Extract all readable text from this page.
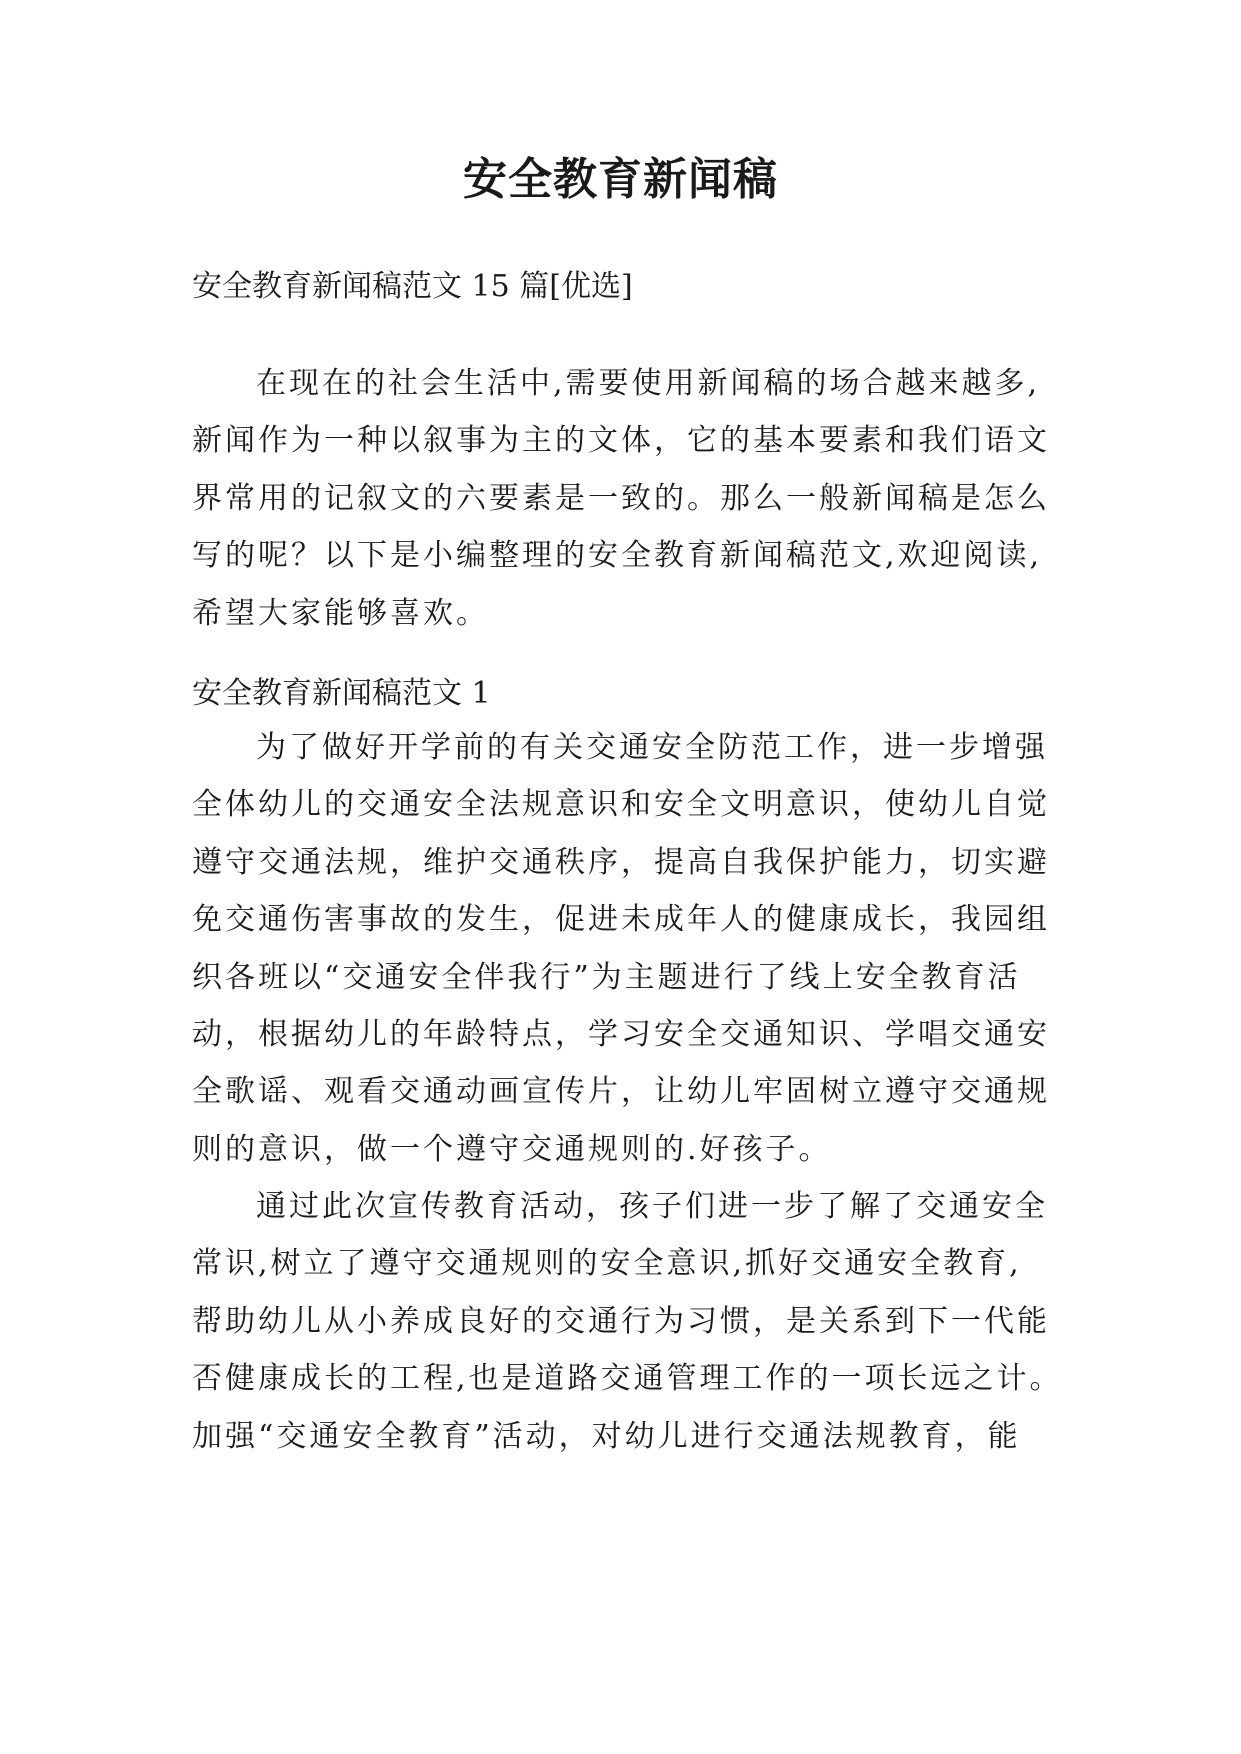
安全教育新闻稿
安全教育新闻稿范文 15 篇[优选]
在现在的社会生活中,需要使用新闻稿的场合越来越多,
新闻作为一种以叙事为主的文体，它的基本要素和我们语文
界常用的记叙文的六要素是一致的。那么一般新闻稿是怎么
写的呢？以下是小编整理的安全教育新闻稿范文,欢迎阅读,
希望大家能够喜欢。
安全教育新闻稿范文 1
为了做好开学前的有关交通安全防范工作，进一步增强
全体幼儿的交通安全法规意识和安全文明意识，使幼儿自觉
遵守交通法规，维护交通秩序，提高自我保护能力，切实避
免交通伤害事故的发生，促进未成年人的健康成长，我园组
织各班以“交通安全伴我行”为主题进行了线上安全教育活
动，根据幼儿的年龄特点，学习安全交通知识、学唱交通安
全歌谣、观看交通动画宣传片，让幼儿牢固树立遵守交通规
则的意识，做一个遵守交通规则的.好孩子。
通过此次宣传教育活动，孩子们进一步了解了交通安全
常识,树立了遵守交通规则的安全意识,抓好交通安全教育,
帮助幼儿从小养成良好的交通行为习惯，是关系到下一代能
否健康成长的工程,也是道路交通管理工作的一项长远之计。
加强“交通安全教育”活动，对幼儿进行交通法规教育，能
